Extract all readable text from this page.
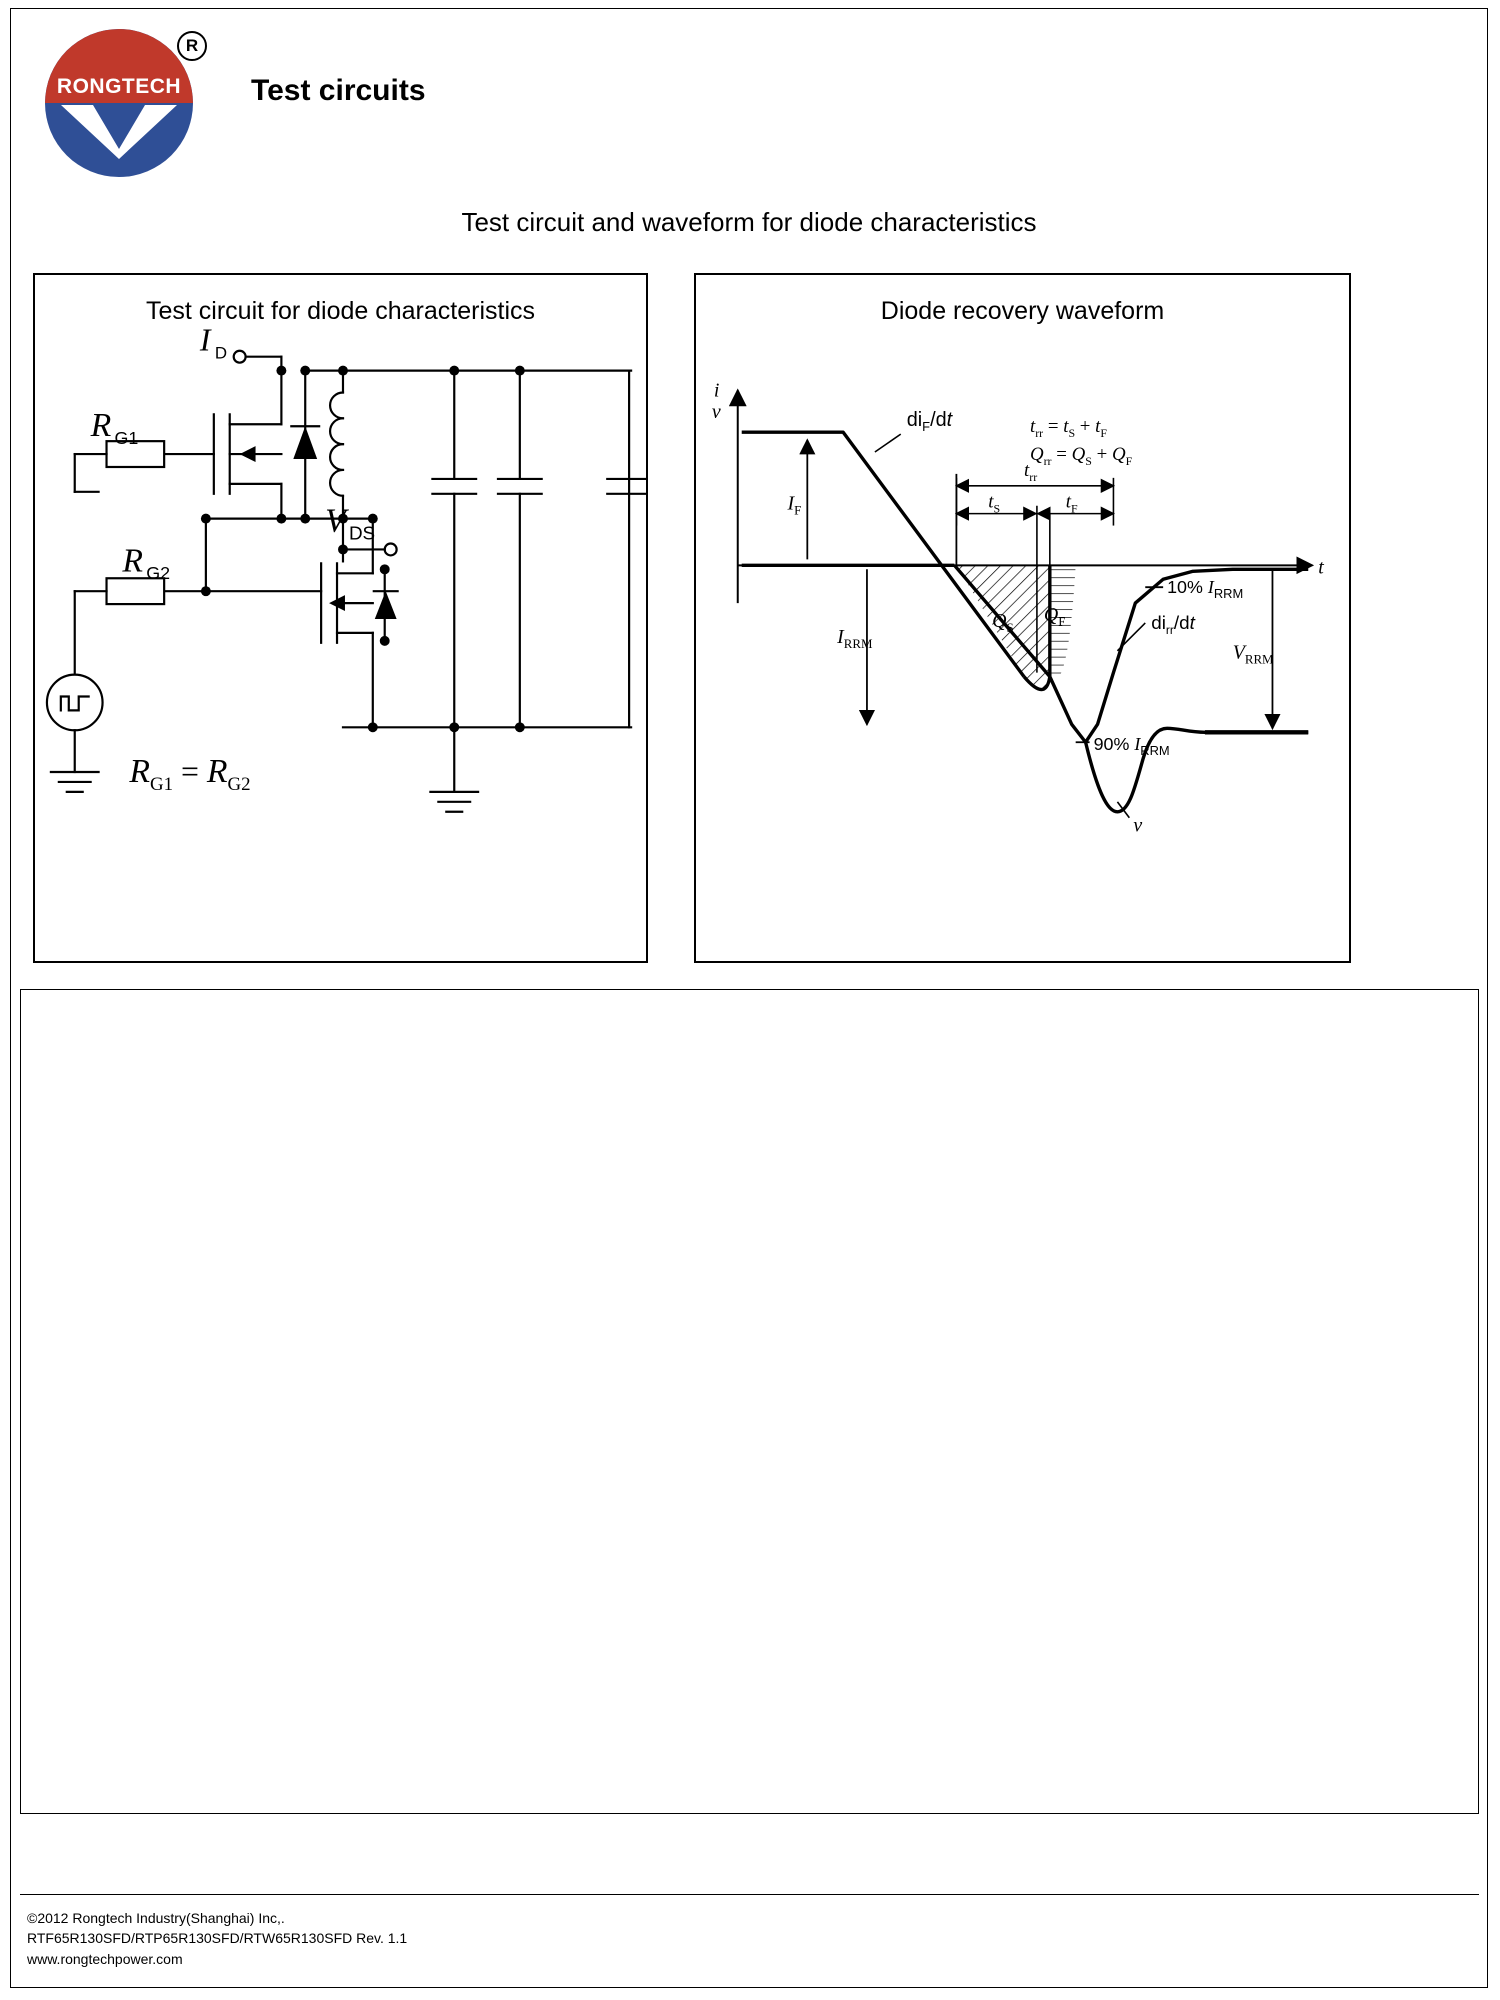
RONGTECH
R
Test circuits
Test circuit and waveform for diode characteristics
Test circuit for diode characteristics
I D
R G1
R G2
V DS
$R_{G1} = R_{G2}$
Diode recovery waveform
i
v
t
$di_F/dt$	$t_{rr} = t_S + t_F$
$Q_{rr} = Q_S + Q_F$
$t_{rr}$
$t_S$	$t_F$
$I_F$
$I_{RRM}$
$Q_S$
$Q_F$
10% $I_{RRM}$
90% $I_{RRM}$
$di_{rr}/dt$
$V_{RRM}$
v
©2012 Rongtech Industry(Shanghai) Inc,.
RTF65R130SFD/RTP65R130SFD/RTW65R130SFD Rev. 1.1
www.rongtechpower.com
